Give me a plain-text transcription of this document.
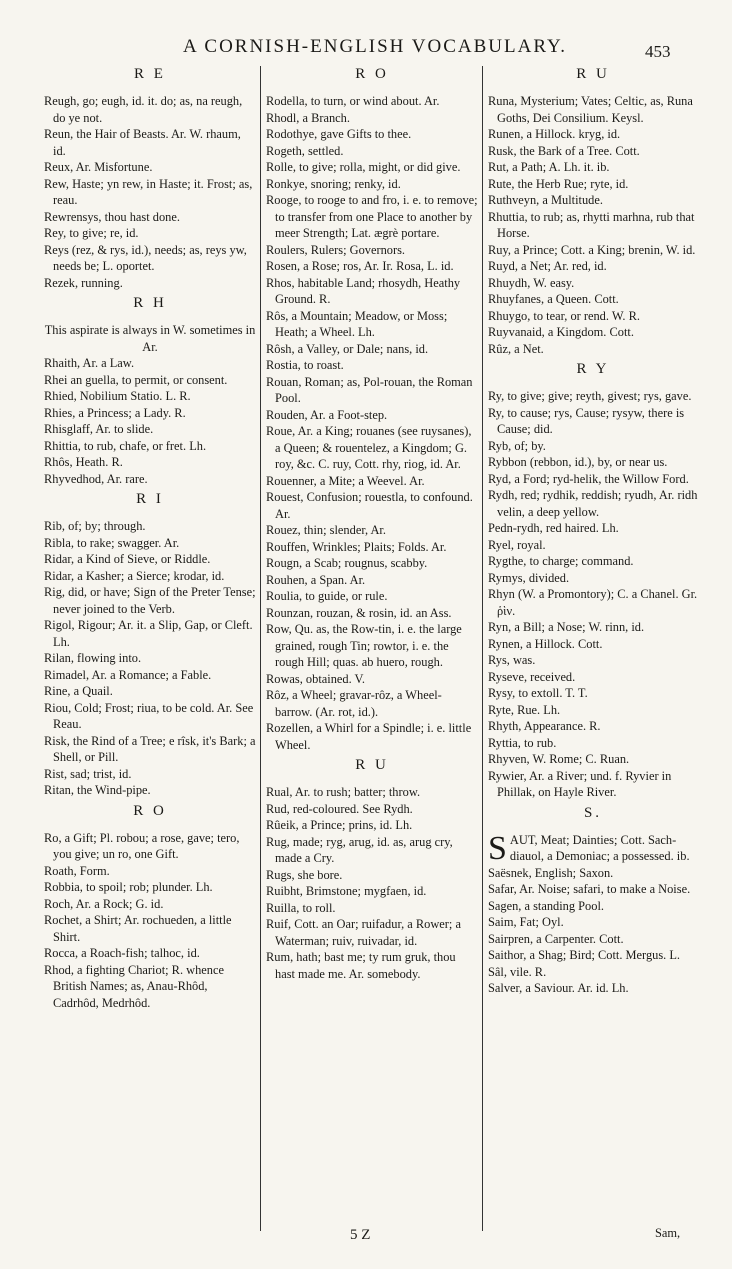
A CORNISH-ENGLISH VOCABULARY.	453
R E
Reugh, go; eugh, id. it. do; as, na reugh, do ye not.
Reun, the Hair of Beasts. Ar. W. rhaum, id.
Reux, Ar. Misfortune.
Rew, Haste; yn rew, in Haste; it. Frost; as, reau.
Rewrensys, thou hast done.
Rey, to give; re, id.
Reys (rez, & rys, id.), needs; as, reys yw, needs be; L. oportet.
Rezek, running.
R H
This aspirate is always in W. sometimes in Ar.
Rhaith, Ar. a Law.
Rhei an guella, to permit, or consent.
Rhied, Nobilium Statio. L. R.
Rhies, a Princess; a Lady. R.
Rhisglaff, Ar. to slide.
Rhittia, to rub, chafe, or fret. Lh.
Rhôs, Heath. R.
Rhyvedhod, Ar. rare.
R I
Rib, of; by; through.
Ribla, to rake; swagger. Ar.
Ridar, a Kind of Sieve, or Riddle.
Ridar, a Kasher; a Sierce; krodar, id.
Rig, did, or have; Sign of the Preter Tense; never joined to the Verb.
Rigol, Rigour; Ar. it. a Slip, Gap, or Cleft. Lh.
Rilan, flowing into.
Rimadel, Ar. a Romance; a Fable.
Rine, a Quail.
Riou, Cold; Frost; riua, to be cold. Ar. See Reau.
Risk, the Rind of a Tree; e rîsk, it's Bark; a Shell, or Pill.
Rist, sad; trist, id.
Ritan, the Wind-pipe.
R O
Ro, a Gift; Pl. robou; a rose, gave; tero, you give; un ro, one Gift.
Roath, Form.
Robbia, to spoil; rob; plunder. Lh.
Roch, Ar. a Rock; G. id.
Rochet, a Shirt; Ar. rochueden, a little Shirt.
Rocca, a Roach-fish; talhoc, id.
Rhod, a fighting Chariot; R. whence British Names; as, Anau-Rhôd, Cadrhôd, Medrhôd.
R O
Rodella, to turn, or wind about. Ar.
Rhodl, a Branch.
Rodothye, gave Gifts to thee.
Rogeth, settled.
Rolle, to give; rolla, might, or did give.
Ronkye, snoring; renky, id.
Rooge, to rooge to and fro, i. e. to remove; to transfer from one Place to another by meer Strength; Lat. ægrè portare.
Roulers, Rulers; Governors.
Rosen, a Rose; ros, Ar. Ir. Rosa, L. id.
Rhos, habitable Land; rhosydh, Heathy Ground. R.
Rôs, a Mountain; Meadow, or Moss; Heath; a Wheel. Lh.
Rôsh, a Valley, or Dale; nans, id.
Rostia, to roast.
Rouan, Roman; as, Pol-rouan, the Roman Pool.
Rouden, Ar. a Foot-step.
Roue, Ar. a King; rouanes (see ruysanes), a Queen; & rouentelez, a Kingdom; G. roy, &c. C. ruy, Cott. rhy, riog, id. Ar.
Rouenner, a Mite; a Weevel. Ar.
Rouest, Confusion; rouestla, to confound. Ar.
Rouez, thin; slender, Ar.
Rouffen, Wrinkles; Plaits; Folds. Ar.
Rougn, a Scab; rougnus, scabby.
Rouhen, a Span. Ar.
Roulia, to guide, or rule.
Rounzan, rouzan, & rosin, id. an Ass.
Row, Qu. as, the Row-tin, i. e. the large grained, rough Tin; rowtor, i. e. the rough Hill; quas. ab huero, rough.
Rowas, obtained. V.
Rôz, a Wheel; gravar-rôz, a Wheel-barrow. (Ar. rot, id.).
Rozellen, a Whirl for a Spindle; i. e. little Wheel.
R U
Rual, Ar. to rush; batter; throw.
Rud, red-coloured. See Rydh.
Rûeik, a Prince; prins, id. Lh.
Rug, made; ryg, arug, id. as, arug cry, made a Cry.
Rugs, she bore.
Ruibht, Brimstone; mygfaen, id.
Ruilla, to roll.
Ruif, Cott. an Oar; ruifadur, a Rower; a Waterman; ruiv, ruivadar, id.
Rum, hath; bast me; ty rum gruk, thou hast made me. Ar. somebody.
R U
Runa, Mysterium; Vates; Celtic, as, Runa Goths, Dei Consilium. Keysl.
Runen, a Hillock. kryg, id.
Rusk, the Bark of a Tree. Cott.
Rut, a Path; A. Lh. it. ib.
Rute, the Herb Rue; ryte, id.
Ruthveyn, a Multitude.
Rhuttia, to rub; as, rhytti marhna, rub that Horse.
Ruy, a Prince; Cott. a King; brenin, W. id.
Ruyd, a Net; Ar. red, id.
Rhuydh, W. easy.
Rhuyfanes, a Queen. Cott.
Rhuygo, to tear, or rend. W. R.
Ruyvanaid, a Kingdom. Cott.
Rûz, a Net.
R Y
Ry, to give; give; reyth, givest; rys, gave.
Ry, to cause; rys, Cause; rysyw, there is Cause; did.
Ryb, of; by.
Rybbon (rebbon, id.), by, or near us.
Ryd, a Ford; ryd-helik, the Willow Ford.
Rydh, red; rydhik, reddish; ryudh, Ar. ridh velin, a deep yellow.
Pedn-rydh, red haired. Lh.
Ryel, royal.
Rygthe, to charge; command.
Rymys, divided.
Rhyn (W. a Promontory); C. a Chanel. Gr. ῥὶν.
Ryn, a Bill; a Nose; W. rinn, id.
Rynen, a Hillock. Cott.
Rys, was.
Ryseve, received.
Rysy, to extoll. T. T.
Ryte, Rue. Lh.
Rhyth, Appearance. R.
Ryttia, to rub.
Rhyven, W. Rome; C. Ruan.
Rywier, Ar. a River; und. f. Ryvier in Phillak, on Hayle River.
S.
SAUT, Meat; Dainties; Cott. Sach-diauol, a Demoniac; a possessed. ib.
Saësnek, English; Saxon.
Safar, Ar. Noise; safari, to make a Noise.
Sagen, a standing Pool.
Saim, Fat; Oyl.
Sairpren, a Carpenter. Cott.
Saithor, a Shag; Bird; Cott. Mergus. L.
Sâl, vile. R.
Salver, a Saviour. Ar. id. Lh.
5 Z	Sam,
